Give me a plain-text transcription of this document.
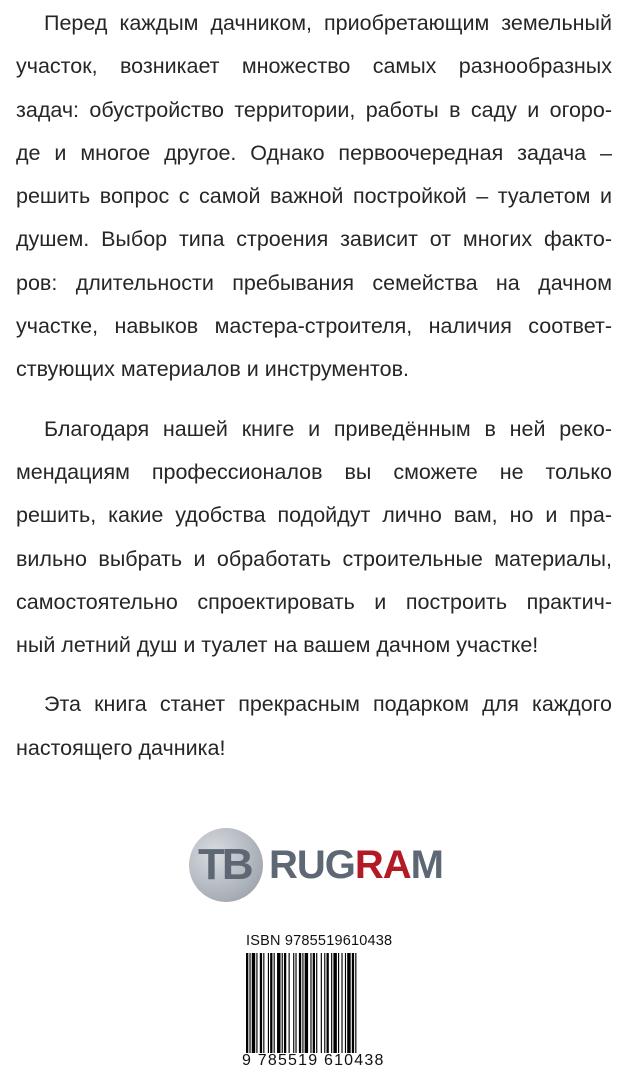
Перед каждым дачником, приобретающим земельный
участок, возникает множество самых разнообразных
задач: обустройство территории, работы в саду и огоро-
де и многое другое. Однако первоочередная задача –
решить вопрос с самой важной постройкой – туалетом и
душем. Выбор типа строения зависит от многих факто-
ров: длительности пребывания семейства на дачном
участке, навыков мастера-строителя, наличия соответ-
ствующих материалов и инструментов.
Благодаря нашей книге и приведённым в ней реко-
мендациям профессионалов вы сможете не только
решить, какие удобства подойдут лично вам, но и пра-
вильно выбрать и обработать строительные материалы,
самостоятельно спроектировать и построить практич-
ный летний душ и туалет на вашем дачном участке!
Эта книга станет прекрасным подарком для каждого
настоящего дачника!
ТВ RUGRAM
ISBN 9785519610438
9 785519 610438
